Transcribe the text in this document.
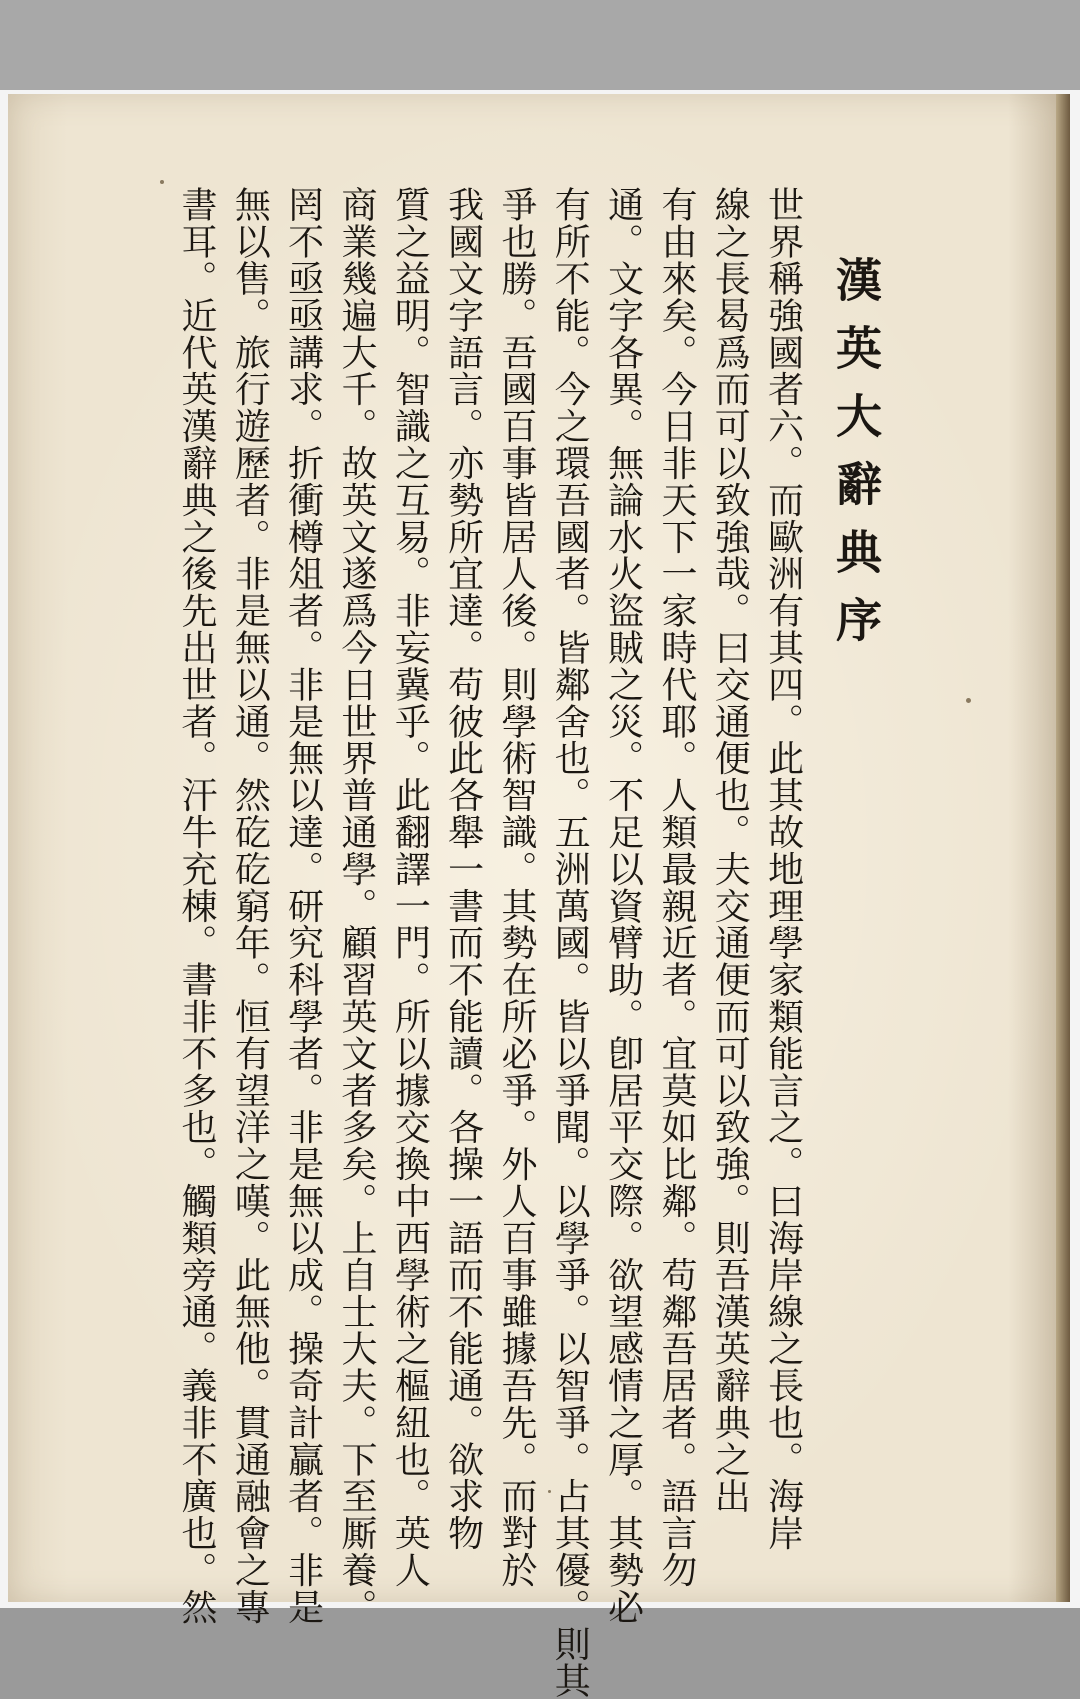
漢英大辭典序
世界稱強國者六。而歐洲有其四。此其故地理學家類能言之。曰海岸線之長也。海岸
線之長曷爲而可以致強哉。曰交通便也。夫交通便而可以致強。則吾漢英辭典之出
有由來矣。今日非天下一家時代耶。人類最親近者。宜莫如比鄰。苟鄰吾居者。語言勿
通。文字各異。無論水火盜賊之災。不足以資臂助。卽居平交際。欲望感情之厚。其勢必
有所不能。今之環吾國者。皆鄰舍也。五洲萬國。皆以爭聞。以學爭。以智爭。占其優。則其
爭也勝。吾國百事皆居人後。則學術智識。其勢在所必爭。外人百事雖據吾先。而對於
我國文字語言。亦勢所宜達。苟彼此各舉一書而不能讀。各操一語而不能通。欲求物
質之益明。智識之互易。非妄冀乎。此翻譯一門。所以據交換中西學術之樞紐也。英人
商業幾遍大千。故英文遂爲今日世界普通學。顧習英文者多矣。上自士大夫。下至厮養。
罔不亟亟講求。折衝樽俎者。非是無以達。研究科學者。非是無以成。操奇計贏者。非是
無以售。旅行遊歷者。非是無以通。然矻矻窮年。恒有望洋之嘆。此無他。貫通融會之專
書耳。近代英漢辭典之後先出世者。汗牛充棟。書非不多也。觸類旁通。義非不廣也。然
